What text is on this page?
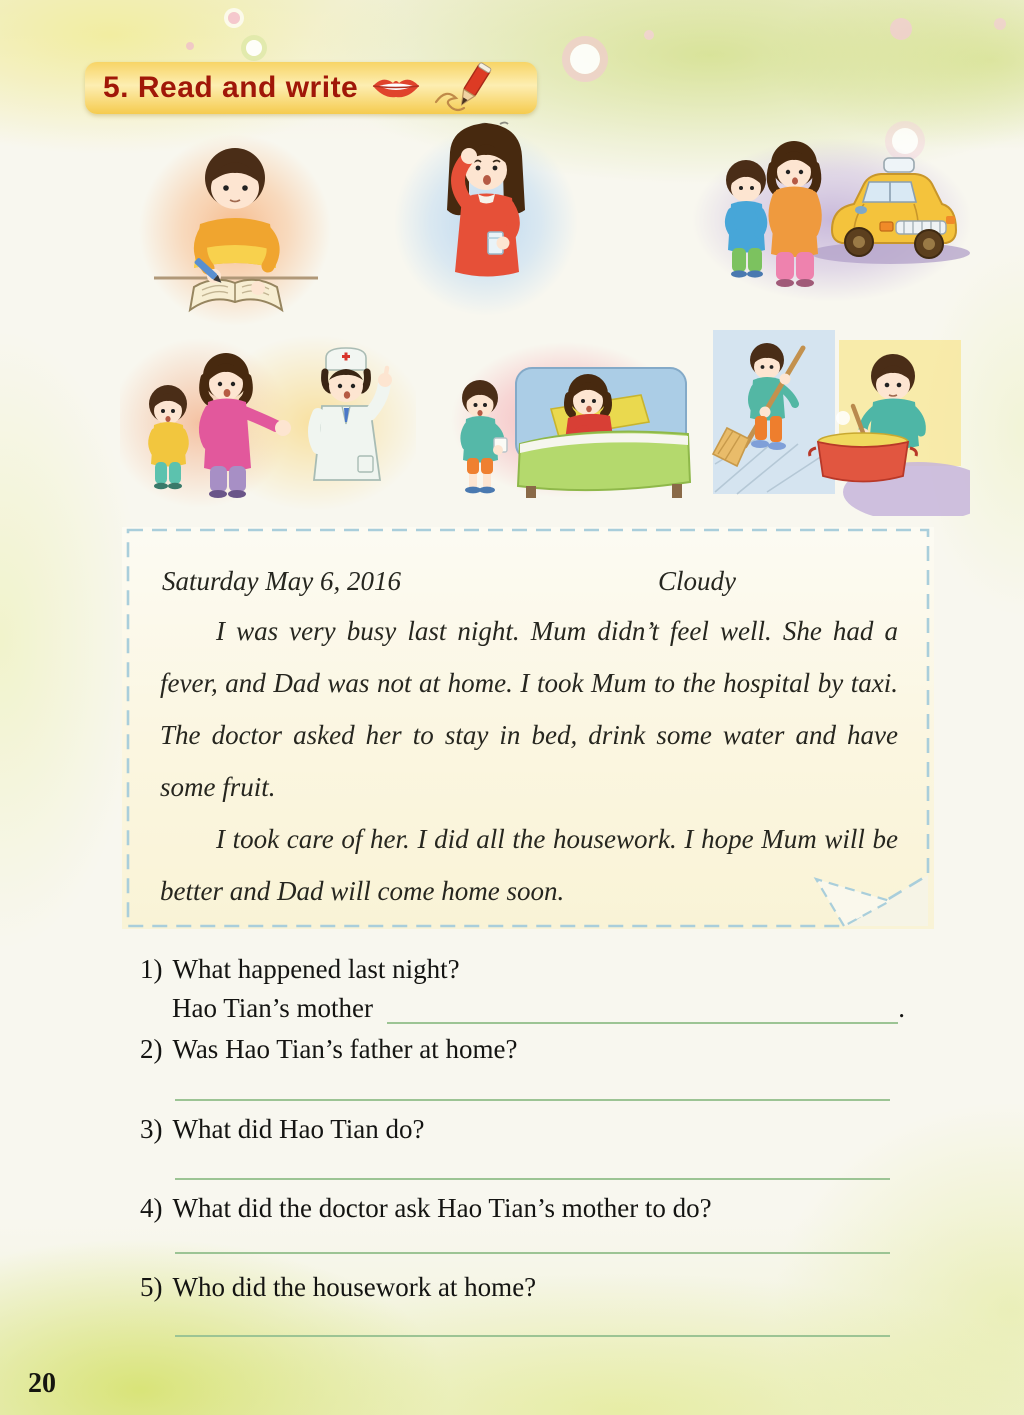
5. Read and write
Saturday May 6, 2016	Cloudy

I was very busy last night. Mum didn’t feel well. She had a fever, and Dad was not at home. I took Mum to the hospital by taxi. The doctor asked her to stay in bed, drink some water and have some fruit.

I took care of her. I did all the housework. I hope Mum will be better and Dad will come home soon.

1) What happened last night?
Hao Tian’s mother	.
2) Was Hao Tian’s father at home?
3) What did Hao Tian do?
4) What did the doctor ask Hao Tian’s mother to do?
5) Who did the housework at home?
20
